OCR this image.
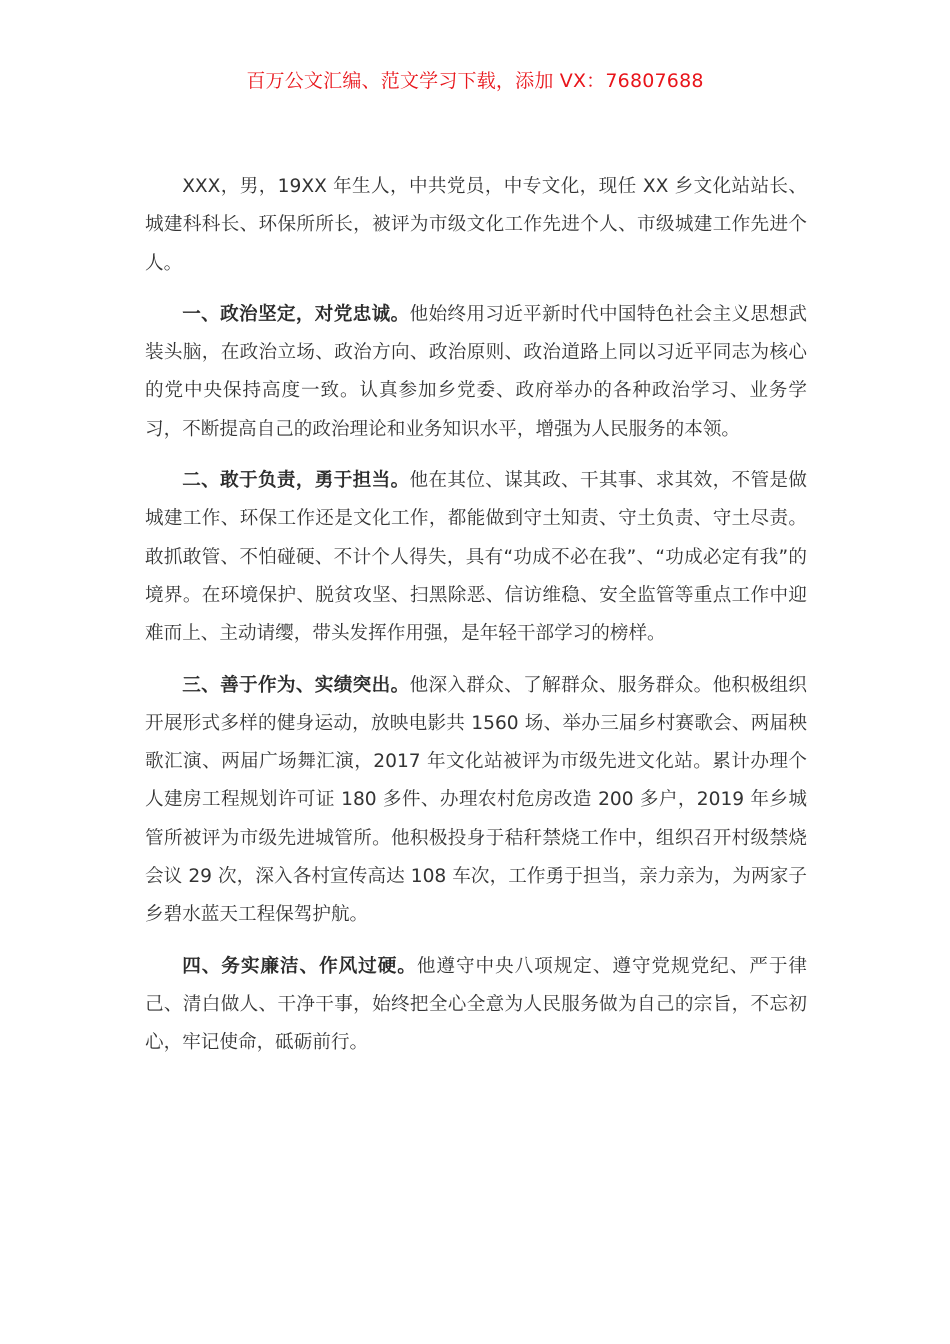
百万公文汇编、范文学习下载，添加 VX：76807688

XXX，男，19XX 年生人，中共党员，中专文化，现任 XX 乡文化站站长、城建科科长、环保所所长，被评为市级文化工作先进个人、市级城建工作先进个人。

一、政治坚定，对党忠诚。他始终用习近平新时代中国特色社会主义思想武装头脑，在政治立场、政治方向、政治原则、政治道路上同以习近平同志为核心的党中央保持高度一致。认真参加乡党委、政府举办的各种政治学习、业务学习，不断提高自己的政治理论和业务知识水平，增强为人民服务的本领。

二、敢于负责，勇于担当。他在其位、谋其政、干其事、求其效，不管是做城建工作、环保工作还是文化工作，都能做到守土知责、守土负责、守土尽责。敢抓敢管、不怕碰硬、不计个人得失，具有“功成不必在我”、“功成必定有我”的境界。在环境保护、脱贫攻坚、扫黑除恶、信访维稳、安全监管等重点工作中迎难而上、主动请缨，带头发挥作用强，是年轻干部学习的榜样。

三、善于作为、实绩突出。他深入群众、了解群众、服务群众。他积极组织开展形式多样的健身运动，放映电影共 1560 场、举办三届乡村赛歌会、两届秧歌汇演、两届广场舞汇演，2017 年文化站被评为市级先进文化站。累计办理个人建房工程规划许可证 180 多件、办理农村危房改造 200 多户，2019 年乡城管所被评为市级先进城管所。他积极投身于秸秆禁烧工作中，组织召开村级禁烧会议 29 次，深入各村宣传高达 108 车次，工作勇于担当，亲力亲为，为两家子乡碧水蓝天工程保驾护航。

四、务实廉洁、作风过硬。他遵守中央八项规定、遵守党规党纪、严于律己、清白做人、干净干事，始终把全心全意为人民服务做为自己的宗旨，不忘初心，牢记使命，砥砺前行。
